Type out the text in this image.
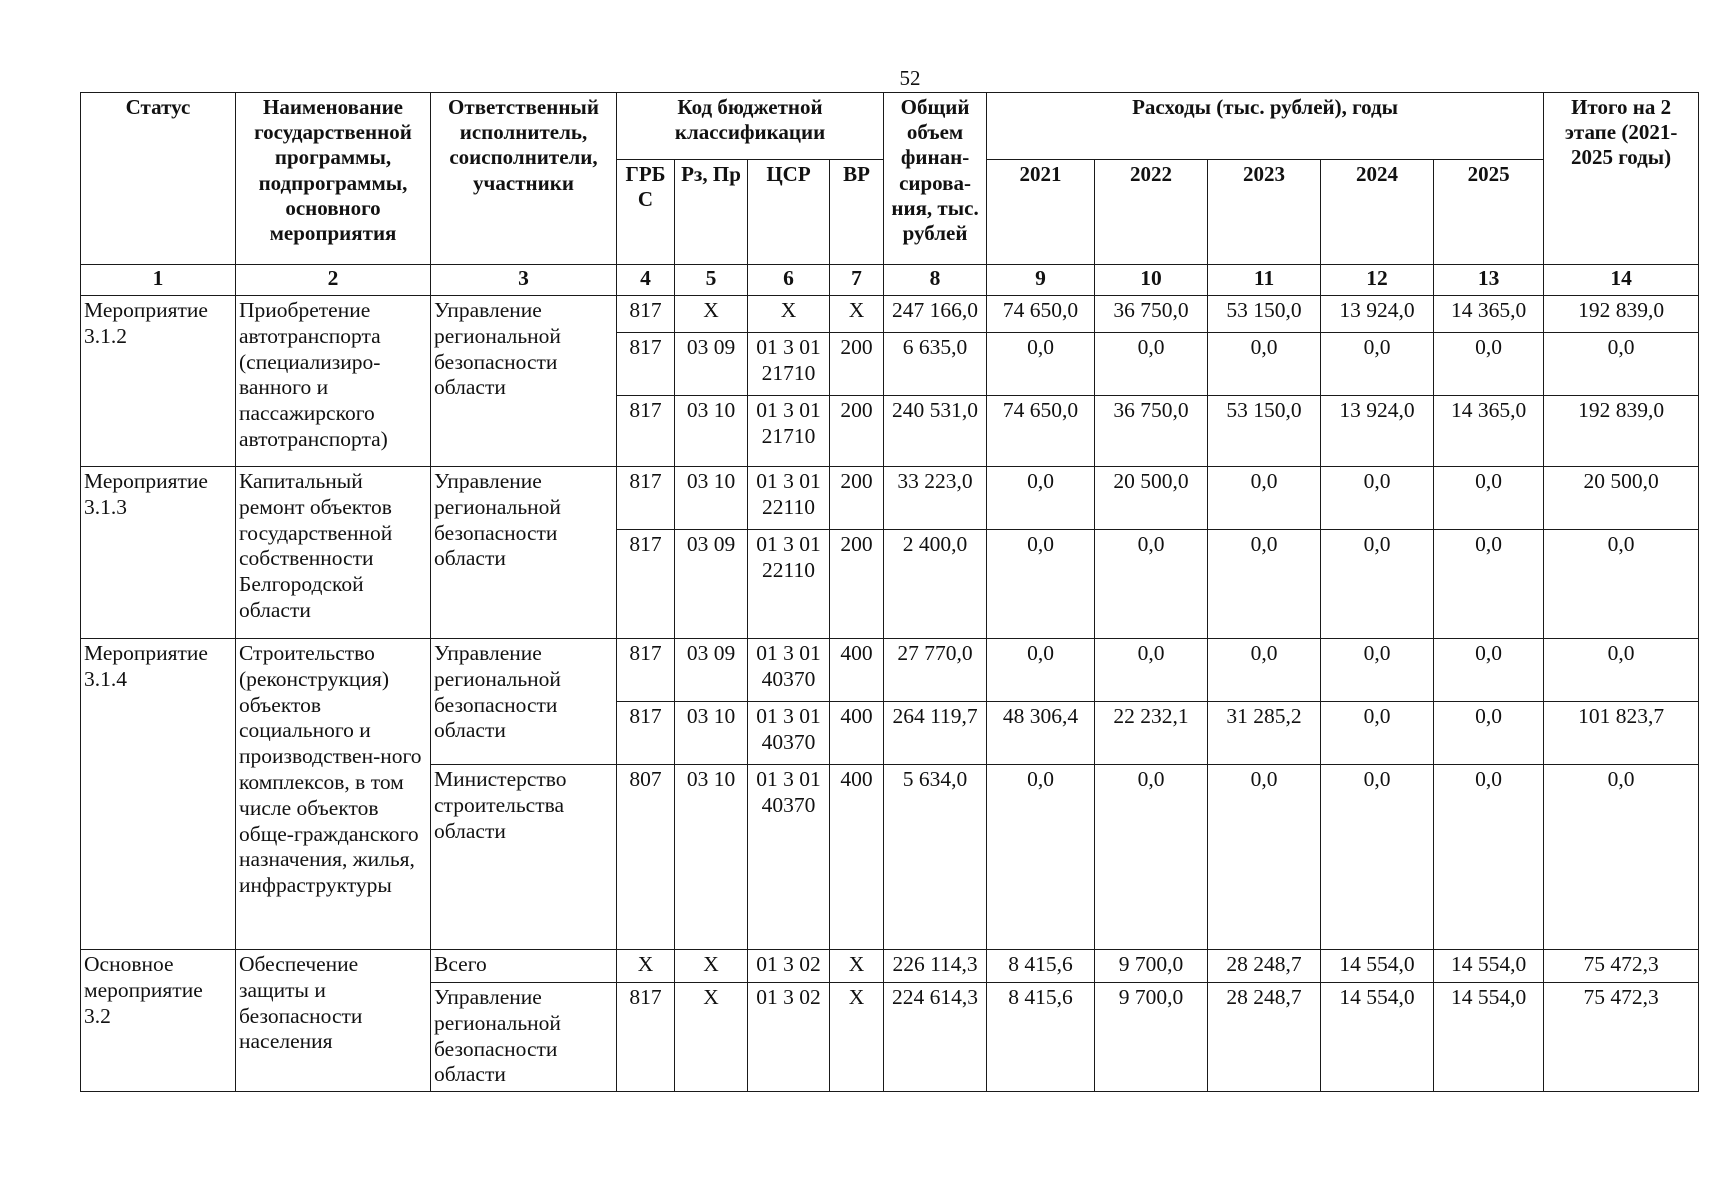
52
Статус	Наименование государственной программы, подпрограммы, основного мероприятия	Ответственный исполнитель, соисполнители, участники	Код бюджетной классификации				Общий объем финан-сирова-ния, тыс. рублей	Расходы (тыс. рублей), годы					Итого на 2 этапе (2021-2025 годы)
			ГРБ С	Рз, Пр	ЦСР	ВР		2021	2022	2023	2024	2025	
1	2	3	4	5	6	7	8	9	10	11	12	13	14
Мероприятие 3.1.2	Приобретение автотранспорта (специализиро-ванного и пассажирского автотранспорта)	Управление региональной безопасности области	817	Х	Х	Х	247 166,0	74 650,0	36 750,0	53 150,0	13 924,0	14 365,0	192 839,0
			817	03 09	01 3 01 21710	200	6 635,0	0,0	0,0	0,0	0,0	0,0	0,0
			817	03 10	01 3 01 21710	200	240 531,0	74 650,0	36 750,0	53 150,0	13 924,0	14 365,0	192 839,0
Мероприятие 3.1.3	Капитальный ремонт объектов государственной собственности Белгородской области	Управление региональной безопасности области	817	03 10	01 3 01 22110	200	33 223,0	0,0	20 500,0	0,0	0,0	0,0	20 500,0
			817	03 09	01 3 01 22110	200	2 400,0	0,0	0,0	0,0	0,0	0,0	0,0
Мероприятие 3.1.4	Строительство (реконструкция) объектов социального и производствен-ного комплексов, в том числе объектов обще-гражданского назначения, жилья, инфраструктуры	Управление региональной безопасности области	817	03 09	01 3 01 40370	400	27 770,0	0,0	0,0	0,0	0,0	0,0	0,0
			817	03 10	01 3 01 40370	400	264 119,7	48 306,4	22 232,1	31 285,2	0,0	0,0	101 823,7
		Министерство строительства области	807	03 10	01 3 01 40370	400	5 634,0	0,0	0,0	0,0	0,0	0,0	0,0
Основное мероприятие 3.2	Обеспечение защиты и безопасности населения	Всего	Х	Х	01 3 02	Х	226 114,3	8 415,6	9 700,0	28 248,7	14 554,0	14 554,0	75 472,3
		Управление региональной безопасности области	817	Х	01 3 02	Х	224 614,3	8 415,6	9 700,0	28 248,7	14 554,0	14 554,0	75 472,3
